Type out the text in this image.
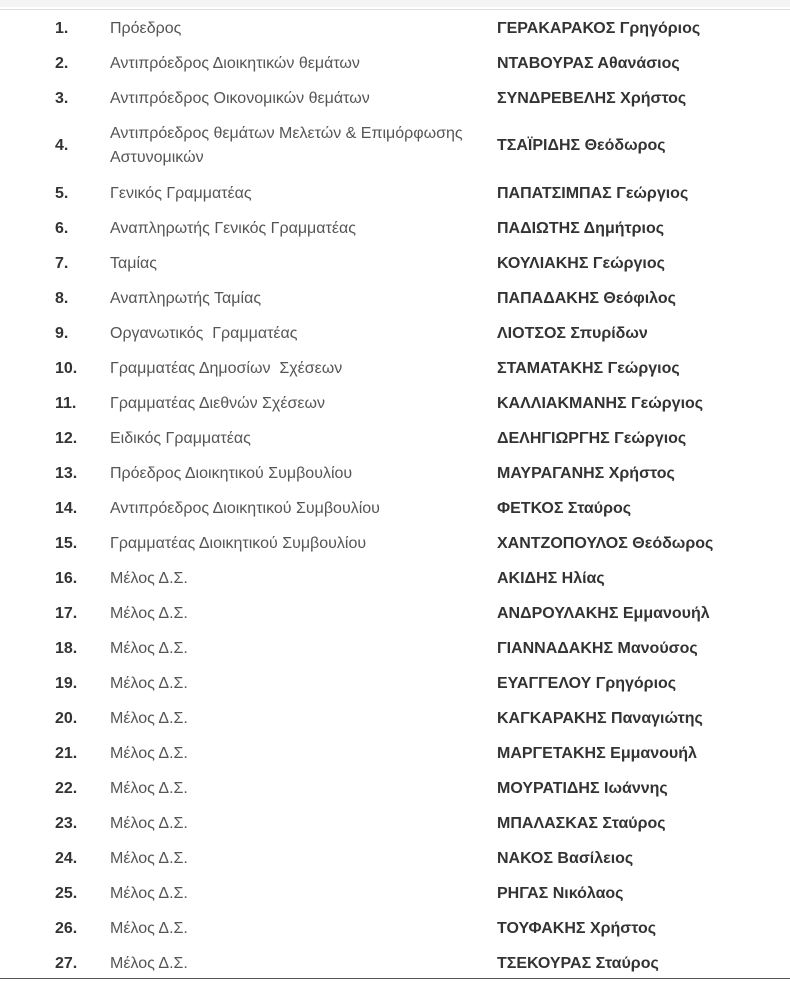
1.	Πρόεδρος	ΓΕΡΑΚΑΡΑΚΟΣ Γρηγόριος
2.	Αντιπρόεδρος Διοικητικών θεμάτων	ΝΤΑΒΟΥΡΑΣ Αθανάσιος
3.	Αντιπρόεδρος Οικονομικών θεμάτων	ΣΥΝΔΡΕΒΕΛΗΣ Χρήστος
4.	Αντιπρόεδρος θεμάτων Μελετών & Επιμόρφωσης Αστυνομικών	ΤΣΑΪΡΙΔΗΣ Θεόδωρος
5.	Γενικός Γραμματέας	ΠΑΠΑΤΣΙΜΠΑΣ Γεώργιος
6.	Αναπληρωτής Γενικός Γραμματέας	ΠΑΔΙΩΤΗΣ Δημήτριος
7.	Ταμίας	ΚΟΥΛΙΑΚΗΣ Γεώργιος
8.	Αναπληρωτής Ταμίας	ΠΑΠΑΔΑΚΗΣ Θεόφιλος
9.	Οργανωτικός  Γραμματέας	ΛΙΟΤΣΟΣ Σπυρίδων
10.	Γραμματέας Δημοσίων  Σχέσεων	ΣΤΑΜΑΤΑΚΗΣ Γεώργιος
11.	Γραμματέας Διεθνών Σχέσεων	ΚΑΛΛΙΑΚΜΑΝΗΣ Γεώργιος
12.	Ειδικός Γραμματέας	ΔΕΛΗΓΙΩΡΓΗΣ Γεώργιος
13.	Πρόεδρος Διοικητικού Συμβουλίου	ΜΑΥΡΑΓΑΝΗΣ Χρήστος
14.	Αντιπρόεδρος Διοικητικού Συμβουλίου	ΦΕΤΚΟΣ Σταύρος
15.	Γραμματέας Διοικητικού Συμβουλίου	ΧΑΝΤΖΟΠΟΥΛΟΣ Θεόδωρος
16.	Μέλος Δ.Σ.	ΑΚΙΔΗΣ Ηλίας
17.	Μέλος Δ.Σ.	ΑΝΔΡΟΥΛΑΚΗΣ Εμμανουήλ
18.	Μέλος Δ.Σ.	ΓΙΑΝΝΑΔΑΚΗΣ Μανούσος
19.	Μέλος Δ.Σ.	ΕΥΑΓΓΕΛΟΥ Γρηγόριος
20.	Μέλος Δ.Σ.	ΚΑΓΚΑΡΑΚΗΣ Παναγιώτης
21.	Μέλος Δ.Σ.	ΜΑΡΓΕΤΑΚΗΣ Εμμανουήλ
22.	Μέλος Δ.Σ.	ΜΟΥΡΑΤΙΔΗΣ Ιωάννης
23.	Μέλος Δ.Σ.	ΜΠΑΛΑΣΚΑΣ Σταύρος
24.	Μέλος Δ.Σ.	ΝΑΚΟΣ Βασίλειος
25.	Μέλος Δ.Σ.	ΡΗΓΑΣ Νικόλαος
26.	Μέλος Δ.Σ.	ΤΟΥΦΑΚΗΣ Χρήστος
27.	Μέλος Δ.Σ.	ΤΣΕΚΟΥΡΑΣ Σταύρος
